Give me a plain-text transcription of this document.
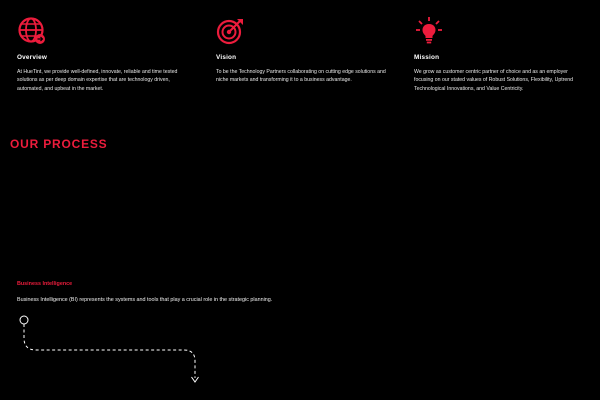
Overview

At HueTint, we provide well-defined, innovate, reliable and time tested solutions as per deep domain expertise that are technology driven, automated, and upbeat in the market.

Vision

To be the Technology Partners collaborating on cutting edge solutions and niche markets and transforming it to a business advantage.

Mission

We grow as customer centric partner of choice and as an employer focusing on our stated values of Robust Solutions, Flexibility, Uptrend Technological Innovations, and Value Centricity.

OUR PROCESS
Business Intelligence

Business Intelligence (BI) represents the systems and tools that play a crucial role in the strategic planning.
